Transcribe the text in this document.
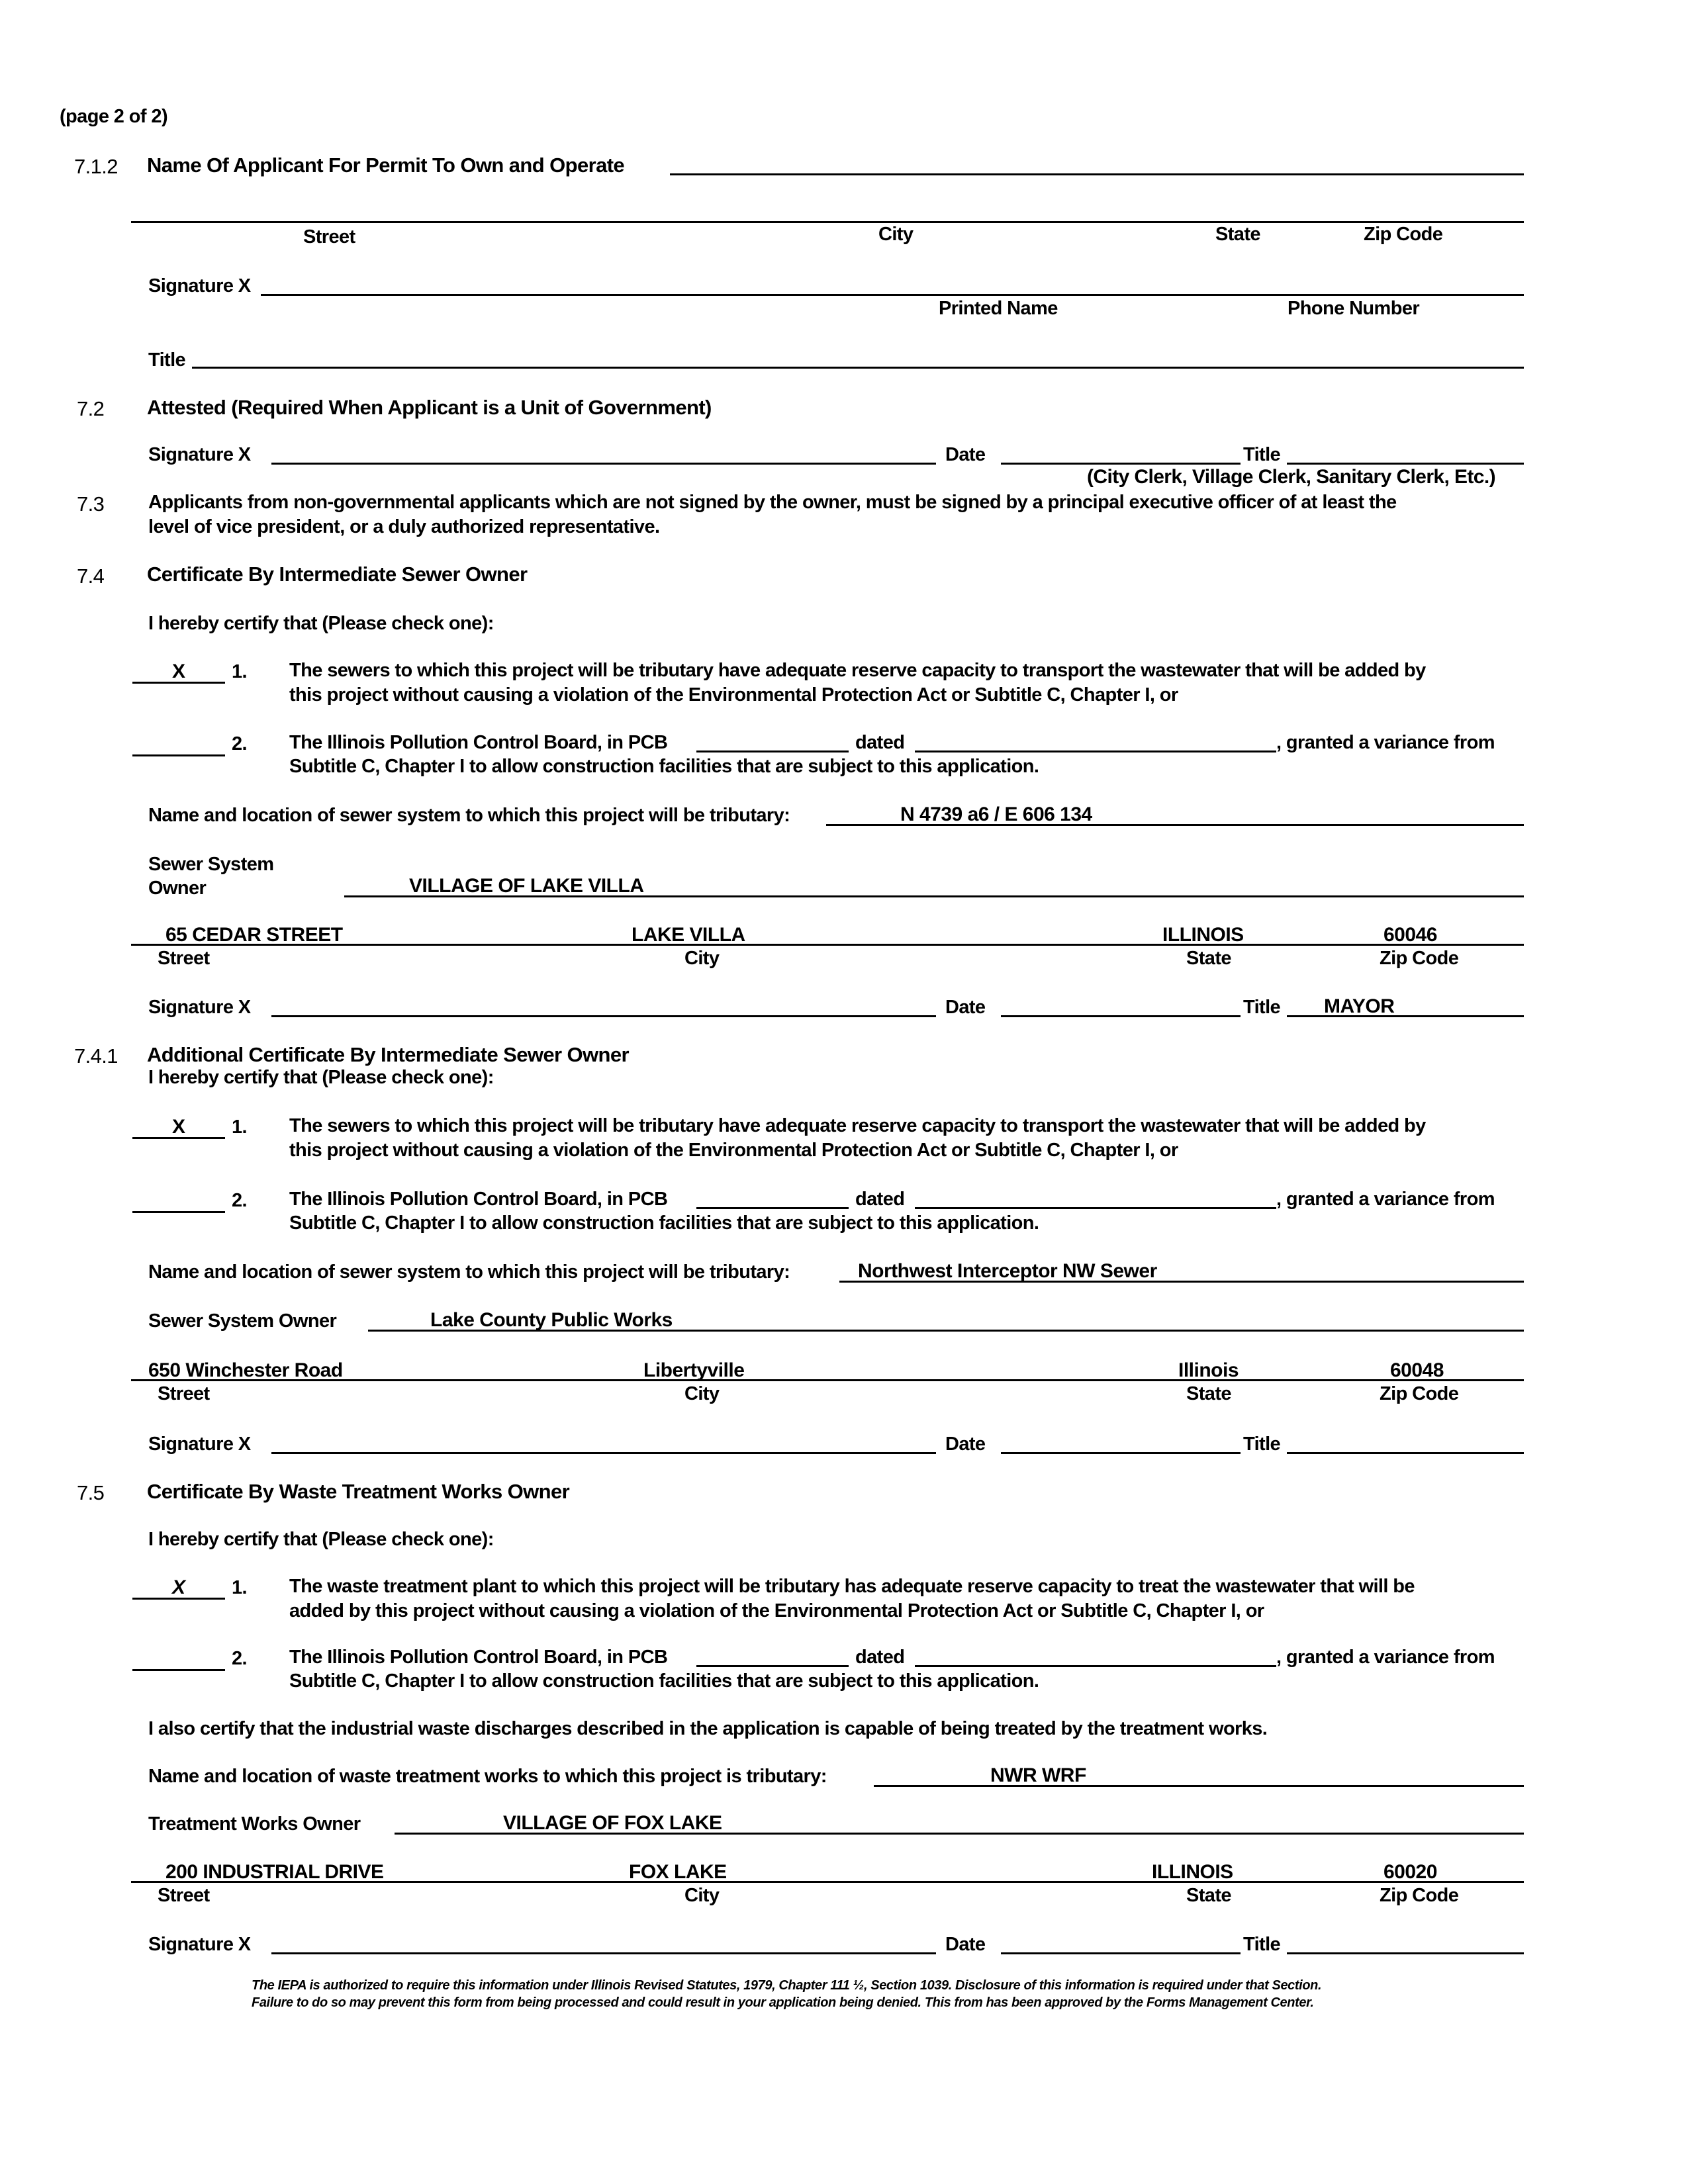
(page 2 of 2)
7.1.2 Name Of Applicant For Permit To Own and Operate
Street	City	State	Zip Code
Signature X
Printed Name	Phone Number
Title
7.2 Attested (Required When Applicant is a Unit of Government)
Signature X	Date	Title
(City Clerk, Village Clerk, Sanitary Clerk, Etc.)
7.3 Applicants from non-governmental applicants which are not signed by the owner, must be signed by a principal executive officer of at least the
level of vice president, or a duly authorized representative.
7.4 Certificate By Intermediate Sewer Owner
I hereby certify that (Please check one):
X 1. The sewers to which this project will be tributary have adequate reserve capacity to transport the wastewater that will be added by
this project without causing a violation of the Environmental Protection Act or Subtitle C, Chapter I, or
2. The Illinois Pollution Control Board, in PCB	dated	, granted a variance from
Subtitle C, Chapter I to allow construction facilities that are subject to this application.
Name and location of sewer system to which this project will be tributary:	N 4739 a6 / E 606 134
Sewer System
Owner	VILLAGE OF LAKE VILLA
65 CEDAR STREET	LAKE VILLA	ILLINOIS	60046
Street	City	State	Zip Code
Signature X	Date	Title MAYOR
7.4.1 Additional Certificate By Intermediate Sewer Owner
I hereby certify that (Please check one):
X 1. The sewers to which this project will be tributary have adequate reserve capacity to transport the wastewater that will be added by
this project without causing a violation of the Environmental Protection Act or Subtitle C, Chapter I, or
2. The Illinois Pollution Control Board, in PCB	dated	, granted a variance from
Subtitle C, Chapter I to allow construction facilities that are subject to this application.
Name and location of sewer system to which this project will be tributary:	Northwest Interceptor NW Sewer
Sewer System Owner	Lake County Public Works
650 Winchester Road	Libertyville	Illinois	60048
Street	City	State	Zip Code
Signature X	Date	Title
7.5 Certificate By Waste Treatment Works Owner
I hereby certify that (Please check one):
X 1. The waste treatment plant to which this project will be tributary has adequate reserve capacity to treat the wastewater that will be
added by this project without causing a violation of the Environmental Protection Act or Subtitle C, Chapter I, or
2. The Illinois Pollution Control Board, in PCB	dated	, granted a variance from
Subtitle C, Chapter I to allow construction facilities that are subject to this application.
I also certify that the industrial waste discharges described in the application is capable of being treated by the treatment works.
Name and location of waste treatment works to which this project is tributary:	NWR WRF
Treatment Works Owner	VILLAGE OF FOX LAKE
200 INDUSTRIAL DRIVE	FOX LAKE	ILLINOIS	60020
Street	City	State	Zip Code
Signature X	Date	Title
The IEPA is authorized to require this information under Illinois Revised Statutes, 1979, Chapter 111 ½, Section 1039. Disclosure of this information is required under that Section.
Failure to do so may prevent this form from being processed and could result in your application being denied. This from has been approved by the Forms Management Center.
